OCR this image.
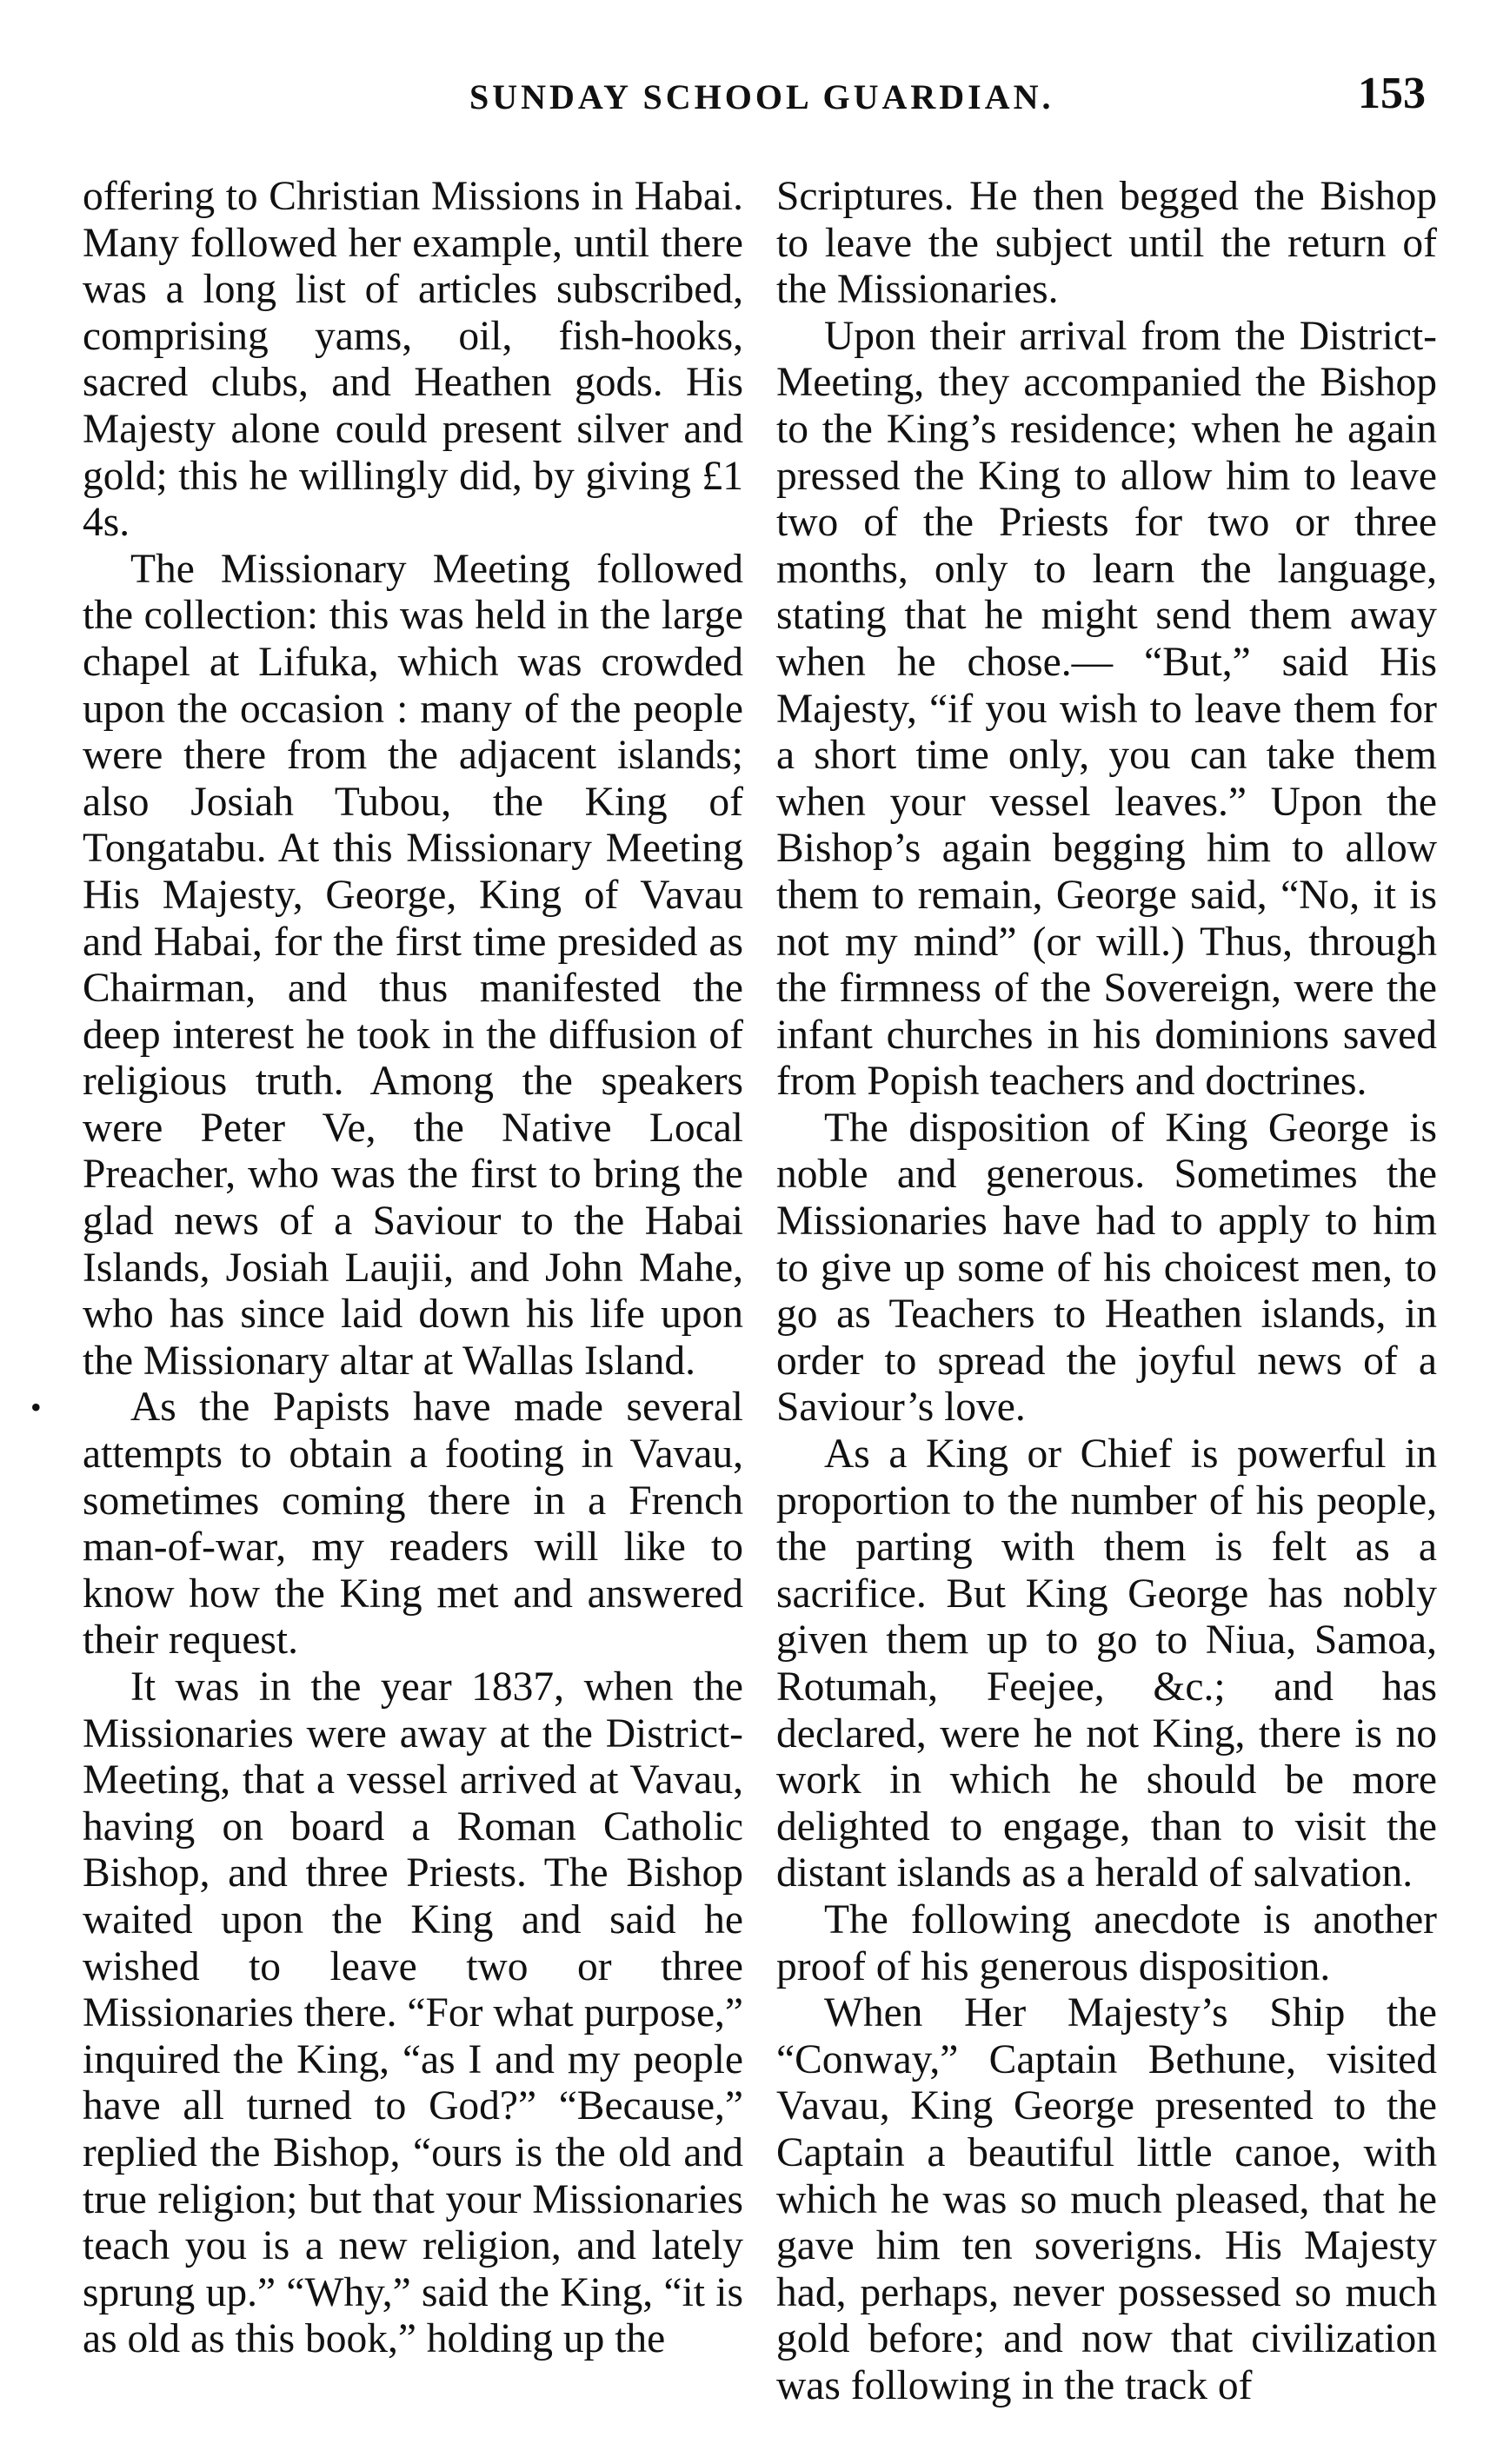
SUNDAY SCHOOL GUARDIAN.	153

offering to Christian Missions in Habai. Many followed her example, until there was a long list of articles subscribed, comprising yams, oil, fish-hooks, sacred clubs, and Heathen gods. His Majesty alone could present silver and gold; this he willingly did, by giving £1 4s.

The Missionary Meeting followed the collection: this was held in the large chapel at Lifuka, which was crowded upon the occasion : many of the people were there from the adjacent islands; also Josiah Tubou, the King of Tongatabu. At this Missionary Meeting His Majesty, George, King of Vavau and Habai, for the first time presided as Chairman, and thus manifested the deep interest he took in the diffusion of religious truth. Among the speakers were Peter Ve, the Native Local Preacher, who was the first to bring the glad news of a Saviour to the Habai Islands, Josiah Laujii, and John Mahe, who has since laid down his life upon the Missionary altar at Wallas Island.

•	As the Papists have made several attempts to obtain a footing in Vavau, sometimes coming there in a French man-of-war, my readers will like to know how the King met and answered their request.

It was in the year 1837, when the Missionaries were away at the District-Meeting, that a vessel arrived at Vavau, having on board a Roman Catholic Bishop, and three Priests. The Bishop waited upon the King and said he wished to leave two or three Missionaries there. “For what purpose,” inquired the King, “as I and my people have all turned to God?” “Because,” replied the Bishop, “ours is the old and true religion; but that your Missionaries teach you is a new religion, and lately sprung up.” “Why,” said the King, “it is as old as this book,” holding up the

Scriptures. He then begged the Bishop to leave the subject until the return of the Missionaries.

Upon their arrival from the District-Meeting, they accompanied the Bishop to the King’s residence; when he again pressed the King to allow him to leave two of the Priests for two or three months, only to learn the language, stating that he might send them away when he chose.— “But,” said His Majesty, “if you wish to leave them for a short time only, you can take them when your vessel leaves.” Upon the Bishop’s again begging him to allow them to remain, George said, “No, it is not my mind” (or will.) Thus, through the firmness of the Sovereign, were the infant churches in his dominions saved from Popish teachers and doctrines.

The disposition of King George is noble and generous. Sometimes the Missionaries have had to apply to him to give up some of his choicest men, to go as Teachers to Heathen islands, in order to spread the joyful news of a Saviour’s love.

As a King or Chief is powerful in proportion to the number of his people, the parting with them is felt as a sacrifice. But King George has nobly given them up to go to Niua, Samoa, Rotumah, Feejee, &c.; and has declared, were he not King, there is no work in which he should be more delighted to engage, than to visit the distant islands as a herald of salvation.

The following anecdote is another proof of his generous disposition.

When Her Majesty’s Ship the “Conway,” Captain Bethune, visited Vavau, King George presented to the Captain a beautiful little canoe, with which he was so much pleased, that he gave him ten soverigns. His Majesty had, perhaps, never possessed so much gold before; and now that civilization was following in the track of
